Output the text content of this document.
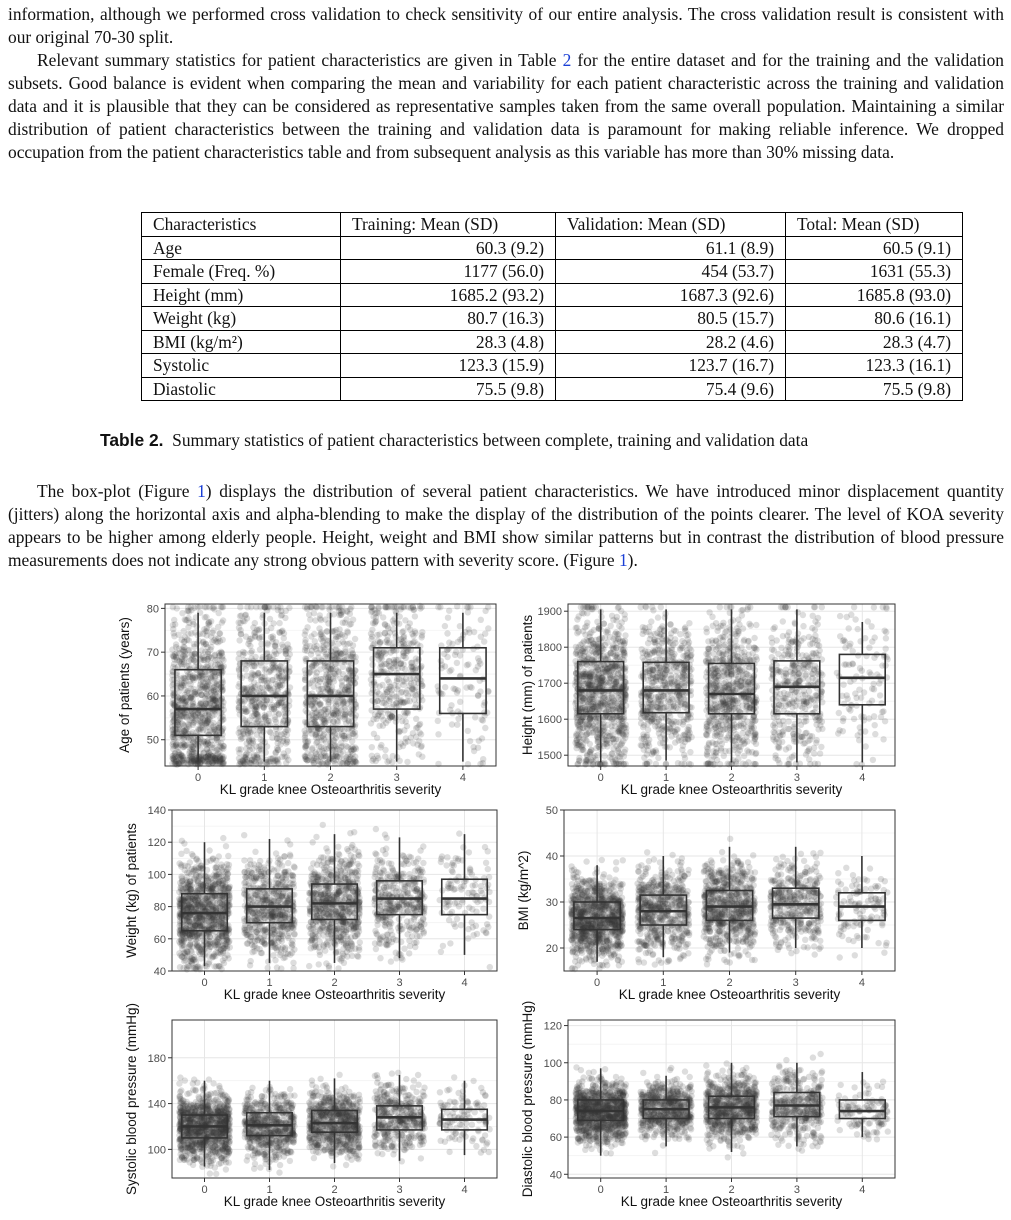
information, although we performed cross validation to check sensitivity of our entire analysis. The cross validation result is consistent with our original 70-30 split.

Relevant summary statistics for patient characteristics are given in Table 2 for the entire dataset and for the training and the validation subsets. Good balance is evident when comparing the mean and variability for each patient characteristic across the training and validation data and it is plausible that they can be considered as representative samples taken from the same overall population. Maintaining a similar distribution of patient characteristics between the training and validation data is paramount for making reliable inference. We dropped occupation from the patient characteristics table and from subsequent analysis as this variable has more than 30% missing data.

Characteristics	Training: Mean (SD)	Validation: Mean (SD)	Total: Mean (SD)
Age	60.3 (9.2)	61.1 (8.9)	60.5 (9.1)
Female (Freq. %)	1177 (56.0)	454 (53.7)	1631 (55.3)
Height (mm)	1685.2 (93.2)	1687.3 (92.6)	1685.8 (93.0)
Weight (kg)	80.7 (16.3)	80.5 (15.7)	80.6 (16.1)
BMI (kg/m²)	28.3 (4.8)	28.2 (4.6)	28.3 (4.7)
Systolic	123.3 (15.9)	123.7 (16.7)	123.3 (16.1)
Diastolic	75.5 (9.8)	75.4 (9.6)	75.5 (9.8)
Table 2. Summary statistics of patient characteristics between complete, training and validation data

The box-plot (Figure 1) displays the distribution of several patient characteristics. We have introduced minor displacement quantity (jitters) along the horizontal axis and alpha-blending to make the display of the distribution of the points clearer. The level of KOA severity appears to be higher among elderly people. Height, weight and BMI show similar patterns but in contrast the distribution of blood pressure measurements does not indicate any strong obvious pattern with severity score. (Figure 1).

50
60
70
80
0	1	2	3	4
KL grade knee Osteoarthritis severity
Age of patients (years)
1500
1600
1700
1800
1900
0	1	2	3	4
KL grade knee Osteoarthritis severity
Height (mm) of patients
40
60
80
100
120
140
0	1	2	3	4
KL grade knee Osteoarthritis severity
Weight (kg) of patients	20
30
40
50
0	1	2	3	4
KL grade knee Osteoarthritis severity
BMI (kg/m^2)
100
140
180
0	1	2	3	4
KL grade knee Osteoarthritis severity
Systolic blood pressure (mmHg)	40
60
80
100
120
0	1	2	3	4
KL grade knee Osteoarthritis severity
Diastolic blood pressure (mmHg)
